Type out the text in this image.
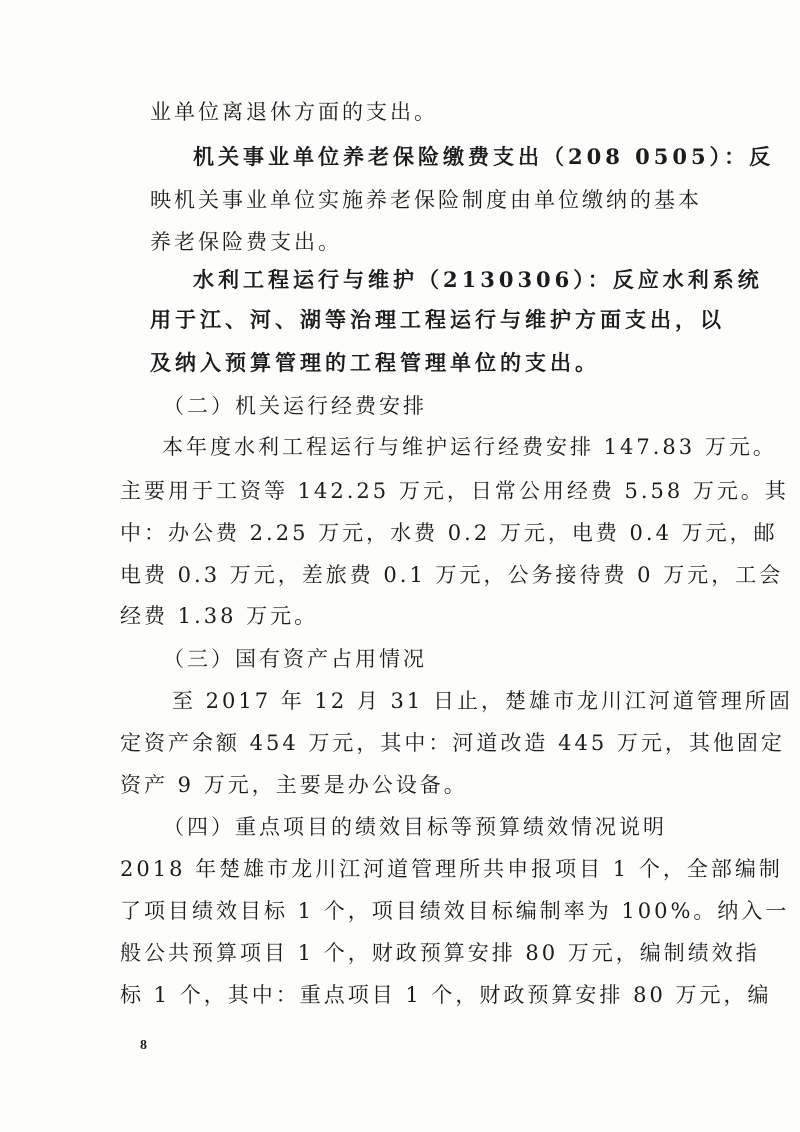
业单位离退休方面的支出。
机关事业单位养老保险缴费支出（208 0505）：反
映机关事业单位实施养老保险制度由单位缴纳的基本
养老保险费支出。
水利工程运行与维护（2130306）：反应水利系统
用于江、河、湖等治理工程运行与维护方面支出，以
及纳入预算管理的工程管理单位的支出。
（二）机关运行经费安排
本年度水利工程运行与维护运行经费安排 147.83 万元。
主要用于工资等 142.25 万元，日常公用经费 5.58 万元。其
中：办公费 2.25 万元，水费 0.2 万元，电费 0.4 万元，邮
电费 0.3 万元，差旅费 0.1 万元，公务接待费 0 万元，工会
经费 1.38 万元。
（三）国有资产占用情况
至 2017 年 12 月 31 日止，楚雄市龙川江河道管理所固
定资产余额 454 万元，其中：河道改造 445 万元，其他固定
资产 9 万元，主要是办公设备。
（四）重点项目的绩效目标等预算绩效情况说明
2018 年楚雄市龙川江河道管理所共申报项目 1 个，全部编制
了项目绩效目标 1 个，项目绩效目标编制率为 100%。纳入一
般公共预算项目 1 个，财政预算安排 80 万元，编制绩效指
标 1 个，其中：重点项目 1 个，财政预算安排 80 万元，编
8
